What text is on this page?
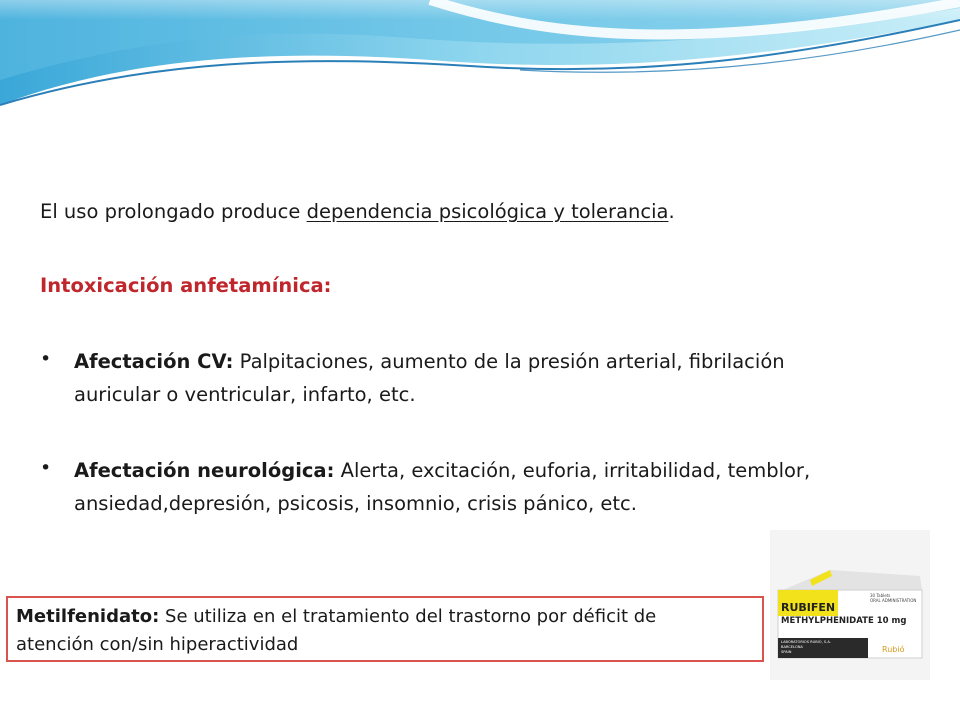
El uso prolongado produce dependencia psicológica y tolerancia.
Intoxicación anfetamínica:
• Afectación CV: Palpitaciones, aumento de la presión arterial, fibrilación
auricular o ventricular, infarto, etc.
• Afectación neurológica: Alerta, excitación, euforia, irritabilidad, temblor,
ansiedad,depresión, psicosis, insomnio, crisis pánico, etc.
Metilfenidato: Se utiliza en el tratamiento del trastorno por déficit de
atención con/sin hiperactividad
30 Tablets
ORAL ADMINISTRATION
RUBIFEN
METHYLPHENIDATE 10 mg
LABORATORIOS RUBIÓ, S.A.
BARCELONA
SPAIN	Rubió
